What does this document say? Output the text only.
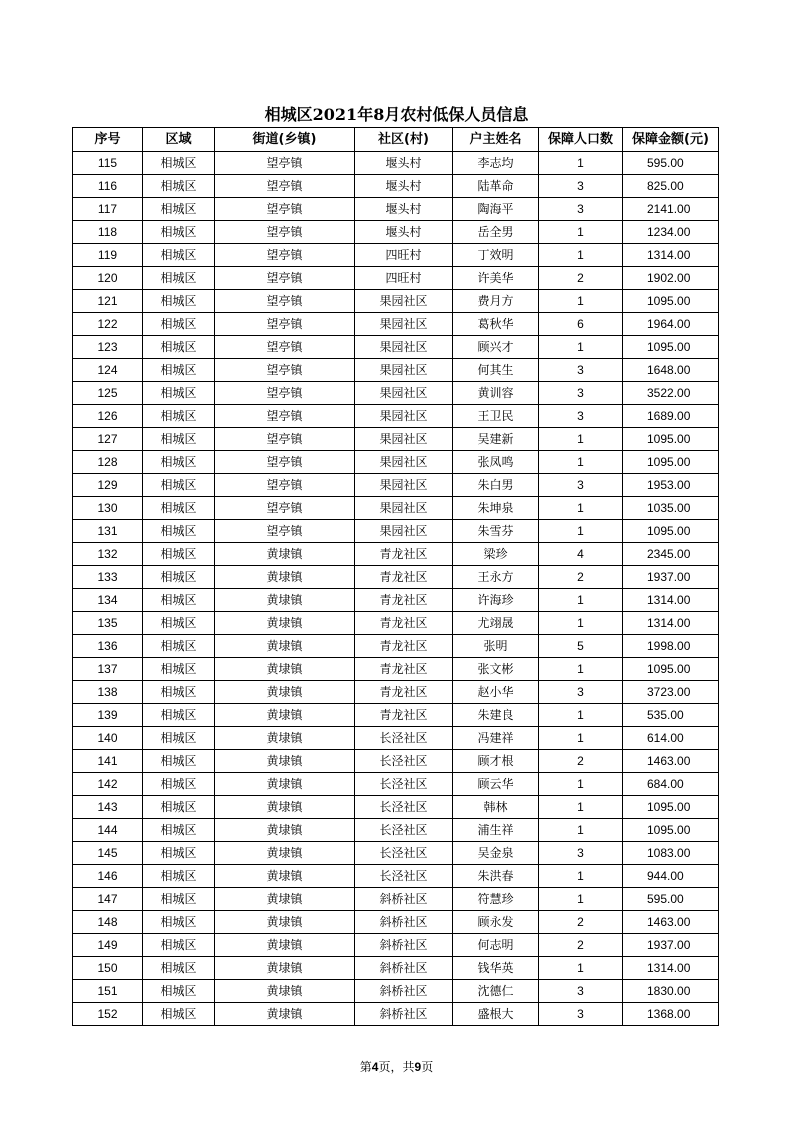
相城区2021年8月农村低保人员信息
序号	区域	街道(乡镇)	社区(村)	户主姓名	保障人口数	保障金额(元)
115	相城区	望亭镇	堰头村	李志均	1	595.00
116	相城区	望亭镇	堰头村	陆革命	3	825.00
117	相城区	望亭镇	堰头村	陶海平	3	2141.00
118	相城区	望亭镇	堰头村	岳全男	1	1234.00
119	相城区	望亭镇	四旺村	丁效明	1	1314.00
120	相城区	望亭镇	四旺村	许美华	2	1902.00
121	相城区	望亭镇	果园社区	费月方	1	1095.00
122	相城区	望亭镇	果园社区	葛秋华	6	1964.00
123	相城区	望亭镇	果园社区	顾兴才	1	1095.00
124	相城区	望亭镇	果园社区	何其生	3	1648.00
125	相城区	望亭镇	果园社区	黄训容	3	3522.00
126	相城区	望亭镇	果园社区	王卫民	3	1689.00
127	相城区	望亭镇	果园社区	吴建新	1	1095.00
128	相城区	望亭镇	果园社区	张凤鸣	1	1095.00
129	相城区	望亭镇	果园社区	朱白男	3	1953.00
130	相城区	望亭镇	果园社区	朱坤泉	1	1035.00
131	相城区	望亭镇	果园社区	朱雪芬	1	1095.00
132	相城区	黄埭镇	青龙社区	梁珍	4	2345.00
133	相城区	黄埭镇	青龙社区	王永方	2	1937.00
134	相城区	黄埭镇	青龙社区	许海珍	1	1314.00
135	相城区	黄埭镇	青龙社区	尤翊晟	1	1314.00
136	相城区	黄埭镇	青龙社区	张明	5	1998.00
137	相城区	黄埭镇	青龙社区	张文彬	1	1095.00
138	相城区	黄埭镇	青龙社区	赵小华	3	3723.00
139	相城区	黄埭镇	青龙社区	朱建良	1	535.00
140	相城区	黄埭镇	长泾社区	冯建祥	1	614.00
141	相城区	黄埭镇	长泾社区	顾才根	2	1463.00
142	相城区	黄埭镇	长泾社区	顾云华	1	684.00
143	相城区	黄埭镇	长泾社区	韩林	1	1095.00
144	相城区	黄埭镇	长泾社区	浦生祥	1	1095.00
145	相城区	黄埭镇	长泾社区	吴金泉	3	1083.00
146	相城区	黄埭镇	长泾社区	朱洪春	1	944.00
147	相城区	黄埭镇	斜桥社区	符慧珍	1	595.00
148	相城区	黄埭镇	斜桥社区	顾永发	2	1463.00
149	相城区	黄埭镇	斜桥社区	何志明	2	1937.00
150	相城区	黄埭镇	斜桥社区	钱华英	1	1314.00
151	相城区	黄埭镇	斜桥社区	沈德仁	3	1830.00
152	相城区	黄埭镇	斜桥社区	盛根大	3	1368.00
第4页，共9页
